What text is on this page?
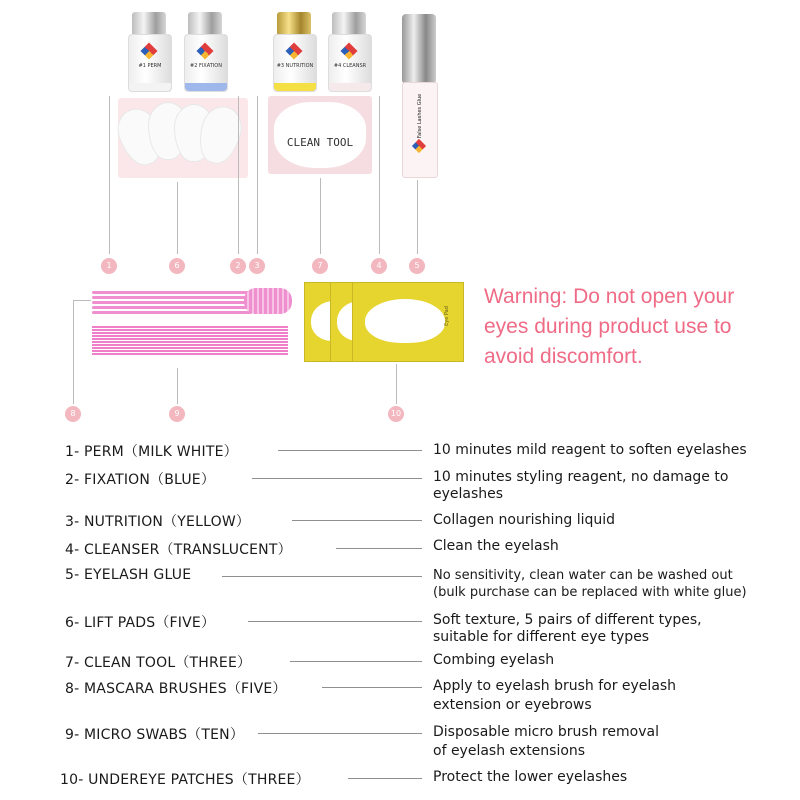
#1 PERM	#2 FIXATION	#3 NUTRITION	#4 CLEANSR
False Lashes Glue
CLEAN TOOL
Eye Pad
1	6	2	3	7	4	5
8	9	10
Warning: Do not open your eyes during product use to avoid discomfort.
1- PERM（MILK WHITE）	10 minutes mild reagent to soften eyelashes
2- FIXATION（BLUE）	10 minutes styling reagent, no damage to
eyelashes
3- NUTRITION（YELLOW）	Collagen nourishing liquid
4- CLEANSER（TRANSLUCENT）	Clean the eyelash
5- EYELASH GLUE	No sensitivity, clean water can be washed out
(bulk purchase can be replaced with white glue)
6- LIFT PADS（FIVE）	Soft texture, 5 pairs of different types,
suitable for different eye types
7- CLEAN TOOL（THREE）	Combing eyelash
8- MASCARA BRUSHES（FIVE）	Apply to eyelash brush for eyelash
extension or eyebrows
9- MICRO SWABS（TEN）	Disposable micro brush removal
of eyelash extensions
10- UNDEREYE PATCHES（THREE）	Protect the lower eyelashes
